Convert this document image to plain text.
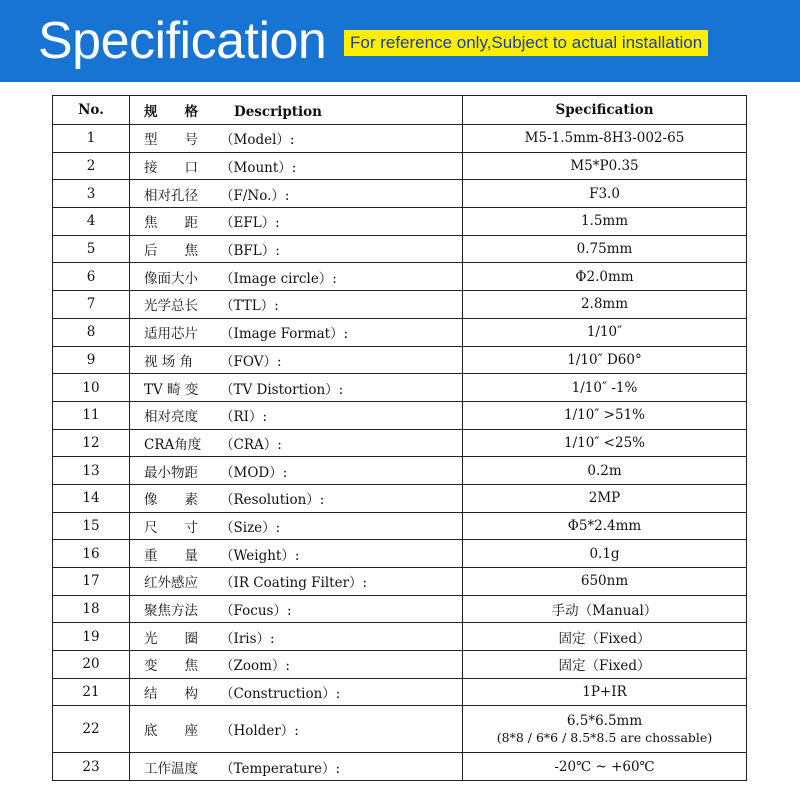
Specification	For reference only,Subject to actual installation
No.	规　　格 Description	Specification
1	型　　号 （Model）:	M5-1.5mm-8H3-002-65
2	接　　口 （Mount）:	M5*P0.35
3	相对孔径 （F/No.）:	F3.0
4	焦　　距 （EFL）:	1.5mm
5	后　　焦 （BFL）:	0.75mm
6	像面大小 （Image circle）:	Φ2.0mm
7	光学总长 （TTL）:	2.8mm
8	适用芯片 （Image Format）:	1/10″
9	视 场 角 （FOV）:	1/10″ D60°
10	TV 畸 变 （TV Distortion）:	1/10″ -1%
11	相对亮度 （RI）:	1/10″ >51%
12	CRA角度 （CRA）:	1/10″ <25%
13	最小物距 （MOD）:	0.2m
14	像　　素 （Resolution）:	2MP
15	尺　　寸 （Size）:	Φ5*2.4mm
16	重　　量 （Weight）:	0.1g
17	红外感应 （IR Coating Filter）:	650nm
18	聚焦方法 （Focus）:	手动（Manual）
19	光　　圈 （Iris）:	固定（Fixed）
20	变　　焦 （Zoom）:	固定（Fixed）
21	结　　构 （Construction）:	1P+IR
22	底　　座 （Holder）:	6.5*6.5mm
(8*8 / 6*6 / 8.5*8.5 are chossable)

23	工作温度 （Temperature）:	-20℃ ~ +60℃
